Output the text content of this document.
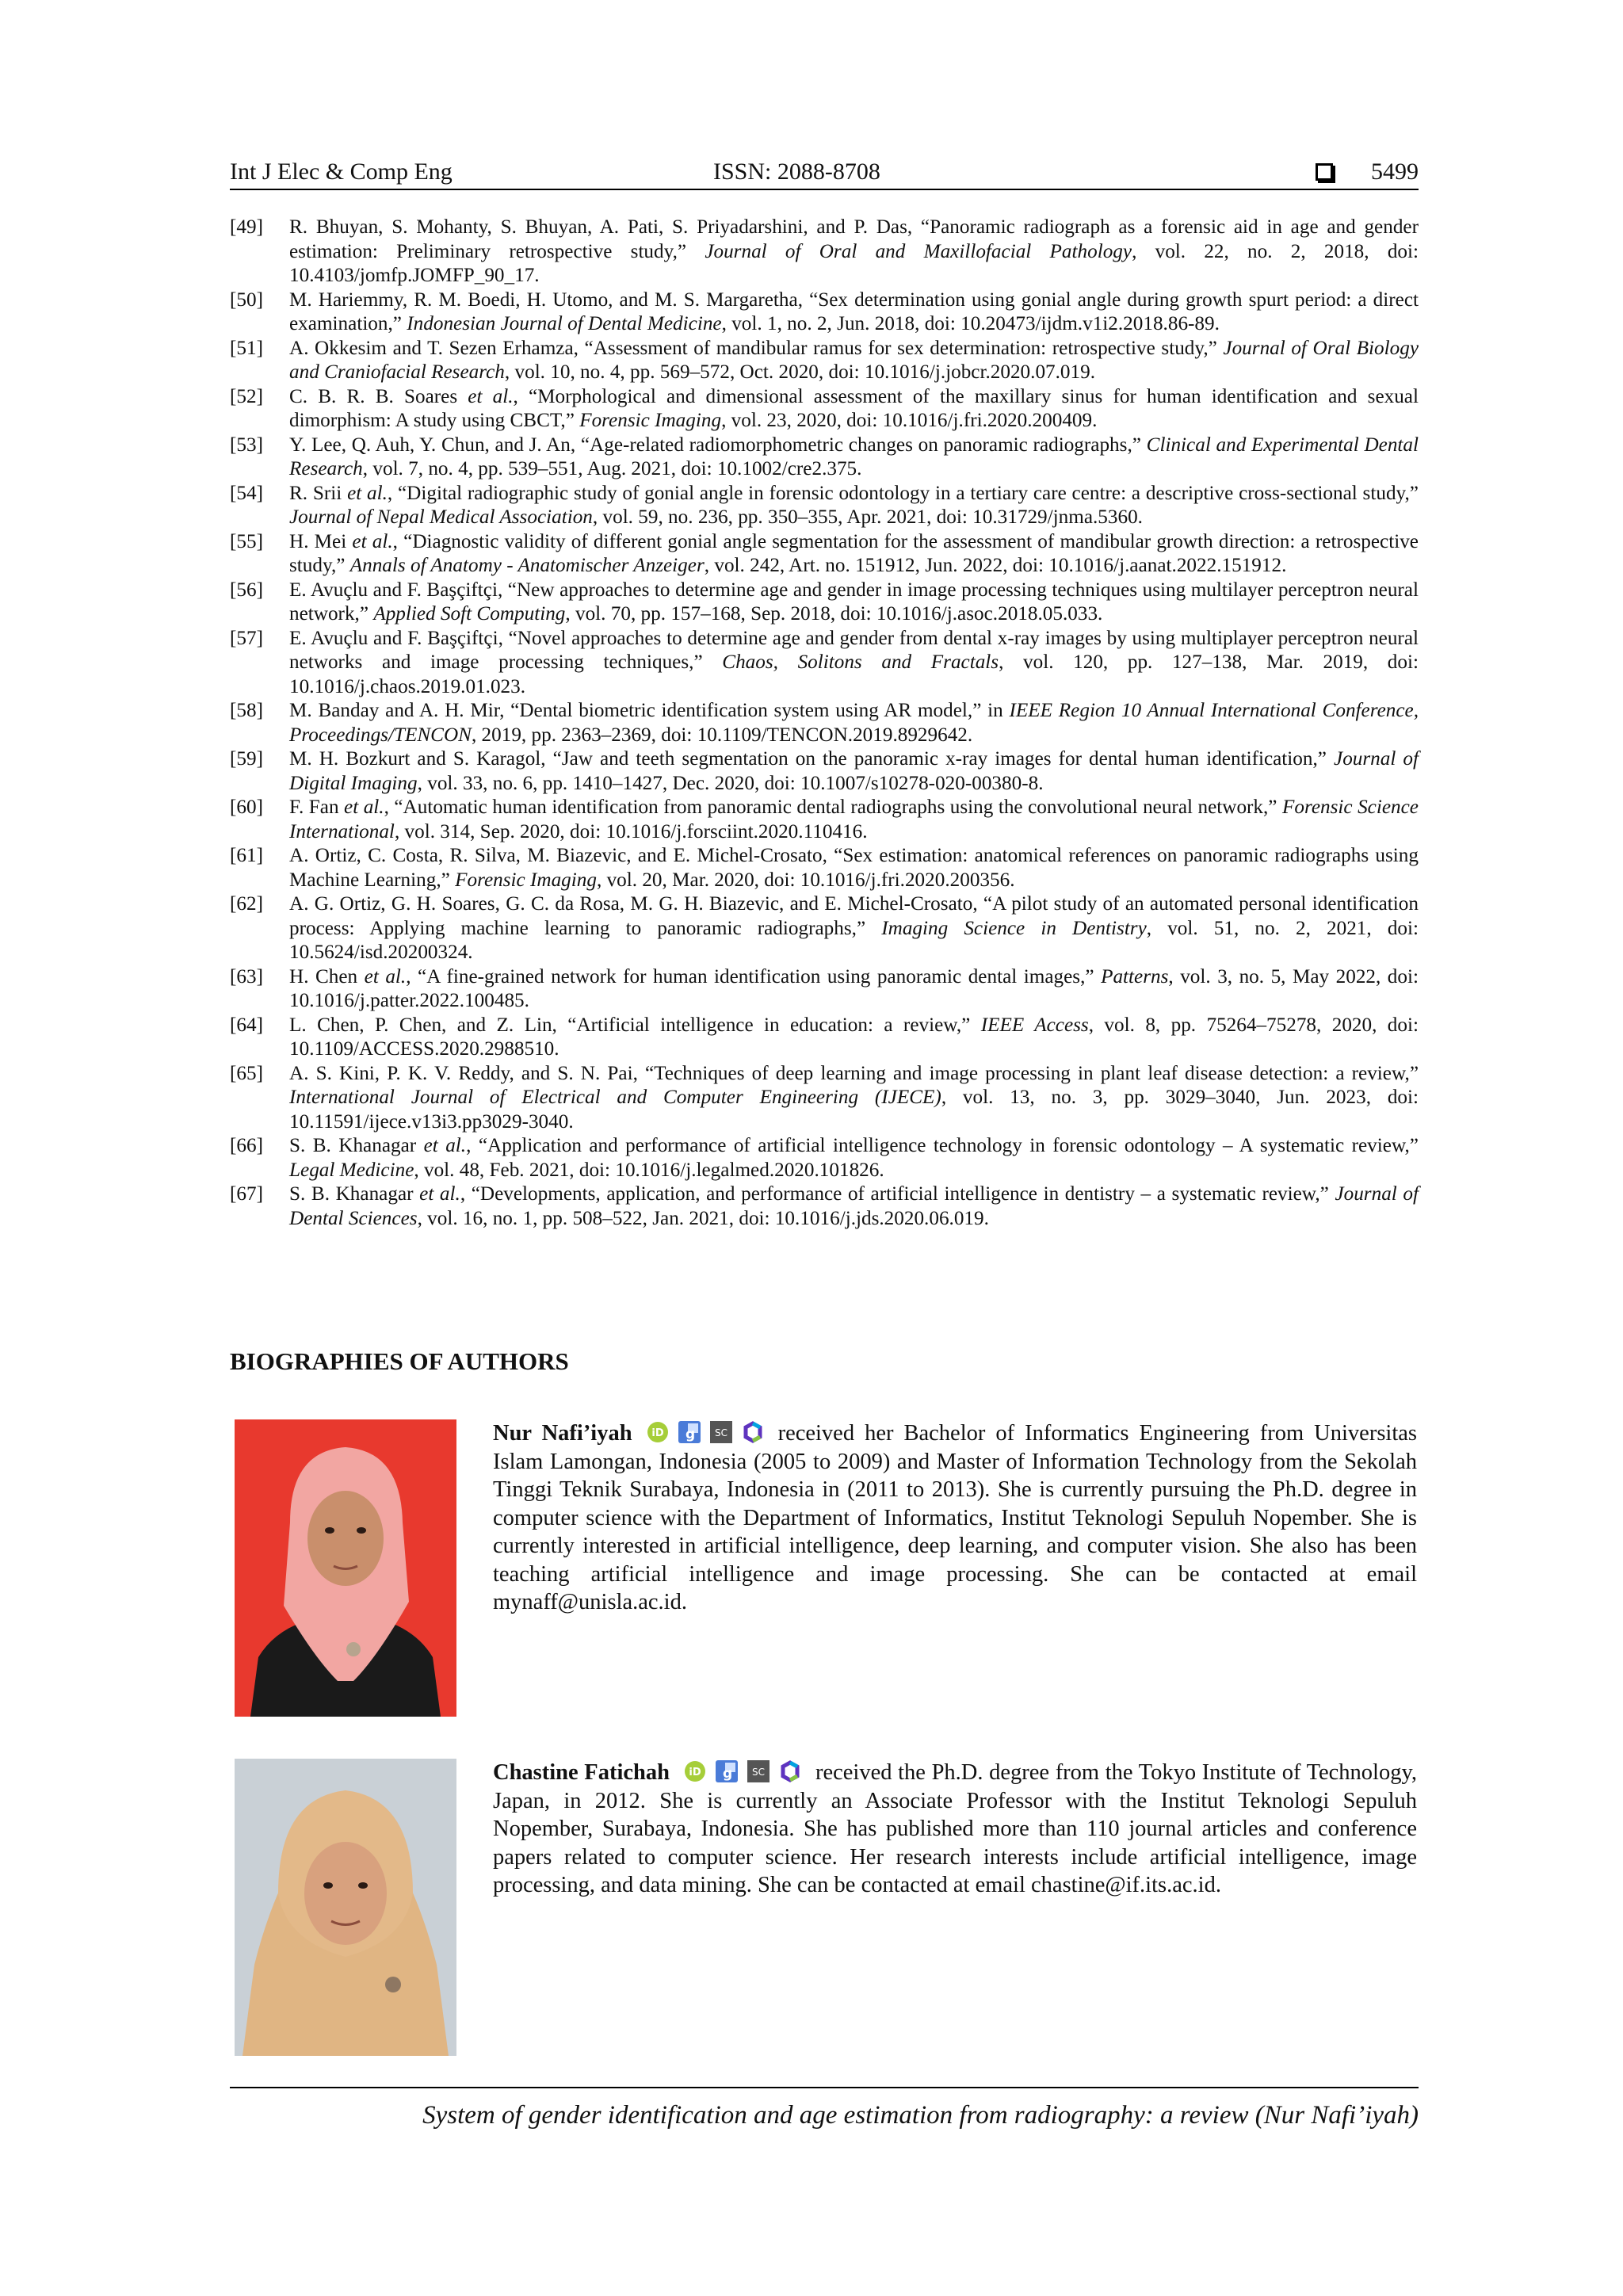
Int J Elec & Comp Eng	ISSN: 2088-8708	5499
[49]	R. Bhuyan, S. Mohanty, S. Bhuyan, A. Pati, S. Priyadarshini, and P. Das, “Panoramic radiograph as a forensic aid in age and gender estimation: Preliminary retrospective study,” Journal of Oral and Maxillofacial Pathology, vol. 22, no. 2, 2018, doi: 10.4103/jomfp.JOMFP_90_17.
[50]	M. Hariemmy, R. M. Boedi, H. Utomo, and M. S. Margaretha, “Sex determination using gonial angle during growth spurt period: a direct examination,” Indonesian Journal of Dental Medicine, vol. 1, no. 2, Jun. 2018, doi: 10.20473/ijdm.v1i2.2018.86-89.
[51]	A. Okkesim and T. Sezen Erhamza, “Assessment of mandibular ramus for sex determination: retrospective study,” Journal of Oral Biology and Craniofacial Research, vol. 10, no. 4, pp. 569–572, Oct. 2020, doi: 10.1016/j.jobcr.2020.07.019.
[52]	C. B. R. B. Soares et al., “Morphological and dimensional assessment of the maxillary sinus for human identification and sexual dimorphism: A study using CBCT,” Forensic Imaging, vol. 23, 2020, doi: 10.1016/j.fri.2020.200409.
[53]	Y. Lee, Q. Auh, Y. Chun, and J. An, “Age-related radiomorphometric changes on panoramic radiographs,” Clinical and Experimental Dental Research, vol. 7, no. 4, pp. 539–551, Aug. 2021, doi: 10.1002/cre2.375.
[54]	R. Srii et al., “Digital radiographic study of gonial angle in forensic odontology in a tertiary care centre: a descriptive cross-sectional study,” Journal of Nepal Medical Association, vol. 59, no. 236, pp. 350–355, Apr. 2021, doi: 10.31729/jnma.5360.
[55]	H. Mei et al., “Diagnostic validity of different gonial angle segmentation for the assessment of mandibular growth direction: a retrospective study,” Annals of Anatomy - Anatomischer Anzeiger, vol. 242, Art. no. 151912, Jun. 2022, doi: 10.1016/j.aanat.2022.151912.
[56]	E. Avuçlu and F. Başçiftçi, “New approaches to determine age and gender in image processing techniques using multilayer perceptron neural network,” Applied Soft Computing, vol. 70, pp. 157–168, Sep. 2018, doi: 10.1016/j.asoc.2018.05.033.
[57]	E. Avuçlu and F. Başçiftçi, “Novel approaches to determine age and gender from dental x-ray images by using multiplayer perceptron neural networks and image processing techniques,” Chaos, Solitons and Fractals, vol. 120, pp. 127–138, Mar. 2019, doi: 10.1016/j.chaos.2019.01.023.
[58]	M. Banday and A. H. Mir, “Dental biometric identification system using AR model,” in IEEE Region 10 Annual International Conference, Proceedings/TENCON, 2019, pp. 2363–2369, doi: 10.1109/TENCON.2019.8929642.
[59]	M. H. Bozkurt and S. Karagol, “Jaw and teeth segmentation on the panoramic x-ray images for dental human identification,” Journal of Digital Imaging, vol. 33, no. 6, pp. 1410–1427, Dec. 2020, doi: 10.1007/s10278-020-00380-8.
[60]	F. Fan et al., “Automatic human identification from panoramic dental radiographs using the convolutional neural network,” Forensic Science International, vol. 314, Sep. 2020, doi: 10.1016/j.forsciint.2020.110416.
[61]	A. Ortiz, C. Costa, R. Silva, M. Biazevic, and E. Michel-Crosato, “Sex estimation: anatomical references on panoramic radiographs using Machine Learning,” Forensic Imaging, vol. 20, Mar. 2020, doi: 10.1016/j.fri.2020.200356.
[62]	A. G. Ortiz, G. H. Soares, G. C. da Rosa, M. G. H. Biazevic, and E. Michel-Crosato, “A pilot study of an automated personal identification process: Applying machine learning to panoramic radiographs,” Imaging Science in Dentistry, vol. 51, no. 2, 2021, doi: 10.5624/isd.20200324.
[63]	H. Chen et al., “A fine-grained network for human identification using panoramic dental images,” Patterns, vol. 3, no. 5, May 2022, doi: 10.1016/j.patter.2022.100485.
[64]	L. Chen, P. Chen, and Z. Lin, “Artificial intelligence in education: a review,” IEEE Access, vol. 8, pp. 75264–75278, 2020, doi: 10.1109/ACCESS.2020.2988510.
[65]	A. S. Kini, P. K. V. Reddy, and S. N. Pai, “Techniques of deep learning and image processing in plant leaf disease detection: a review,” International Journal of Electrical and Computer Engineering (IJECE), vol. 13, no. 3, pp. 3029–3040, Jun. 2023, doi: 10.11591/ijece.v13i3.pp3029-3040.
[66]	S. B. Khanagar et al., “Application and performance of artificial intelligence technology in forensic odontology – A systematic review,” Legal Medicine, vol. 48, Feb. 2021, doi: 10.1016/j.legalmed.2020.101826.
[67]	S. B. Khanagar et al., “Developments, application, and performance of artificial intelligence in dentistry – a systematic review,” Journal of Dental Sciences, vol. 16, no. 1, pp. 508–522, Jan. 2021, doi: 10.1016/j.jds.2020.06.019.
BIOGRAPHIES OF AUTHORS
Nur Nafi’iyah iD g SC received her Bachelor of Informatics Engineering from Universitas Islam Lamongan, Indonesia (2005 to 2009) and Master of Information Technology from the Sekolah Tinggi Teknik Surabaya, Indonesia in (2011 to 2013). She is currently pursuing the Ph.D. degree in computer science with the Department of Informatics, Institut Teknologi Sepuluh Nopember. She is currently interested in artificial intelligence, deep learning, and computer vision. She also has been teaching artificial intelligence and image processing. She can be contacted at email mynaff@unisla.ac.id.
Chastine Fatichah iD g SC received the Ph.D. degree from the Tokyo Institute of Technology, Japan, in 2012. She is currently an Associate Professor with the Institut Teknologi Sepuluh Nopember, Surabaya, Indonesia. She has published more than 110 journal articles and conference papers related to computer science. Her research interests include artificial intelligence, image processing, and data mining. She can be contacted at email chastine@if.its.ac.id.
System of gender identification and age estimation from radiography: a review (Nur Nafi’iyah)
